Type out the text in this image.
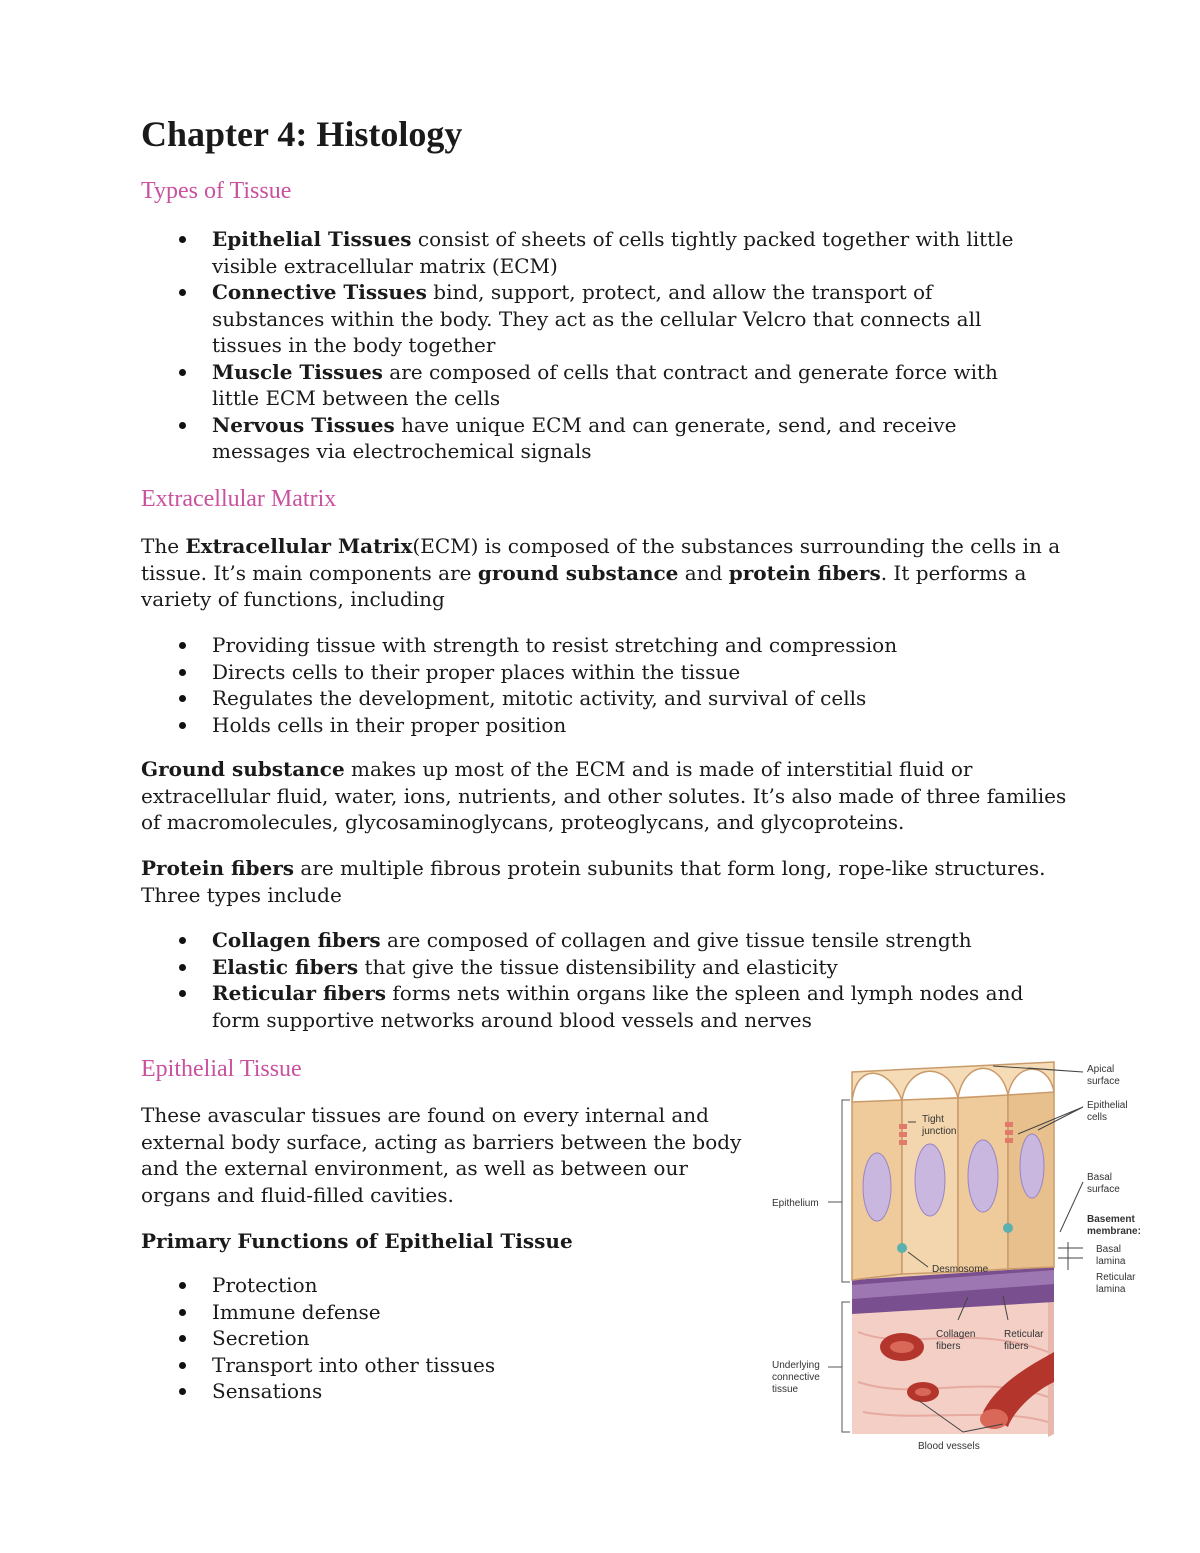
Chapter 4: Histology
Types of Tissue
Epithelial Tissues consist of sheets of cells tightly packed together with little visible extracellular matrix (ECM)
Connective Tissues bind, support, protect, and allow the transport of substances within the body. They act as the cellular Velcro that connects all tissues in the body together
Muscle Tissues are composed of cells that contract and generate force with little ECM between the cells
Nervous Tissues have unique ECM and can generate, send, and receive messages via electrochemical signals
Extracellular Matrix

The Extracellular Matrix(ECM) is composed of the substances surrounding the cells in a tissue. It’s main components are ground substance and protein fibers. It performs a variety of functions, including

Providing tissue with strength to resist stretching and compression
Directs cells to their proper places within the tissue
Regulates the development, mitotic activity, and survival of cells
Holds cells in their proper position

Ground substance makes up most of the ECM and is made of interstitial fluid or extracellular fluid, water, ions, nutrients, and other solutes. It’s also made of three families of macromolecules, glycosaminoglycans, proteoglycans, and glycoproteins.

Protein fibers are multiple fibrous protein subunits that form long, rope-like structures. Three types include

Collagen fibers are composed of collagen and give tissue tensile strength
Elastic fibers that give the tissue distensibility and elasticity
Reticular fibers forms nets within organs like the spleen and lymph nodes and form supportive networks around blood vessels and nerves
Epithelial Tissue

These avascular tissues are found on every internal and external body surface, acting as barriers between the body and the external environment, as well as between our organs and fluid-filled cavities.

Primary Functions of Epithelial Tissue

Protection
Immune defense
Secretion
Transport into other tissues
Sensations
Apical surface
Epithelial cells
Tight junction
Basal surface
Epithelium
Basement membrane:
Basal lamina
Reticular lamina
Desmosome
Collagen fibers
Reticular fibers
Underlying connective tissue
Blood vessels
